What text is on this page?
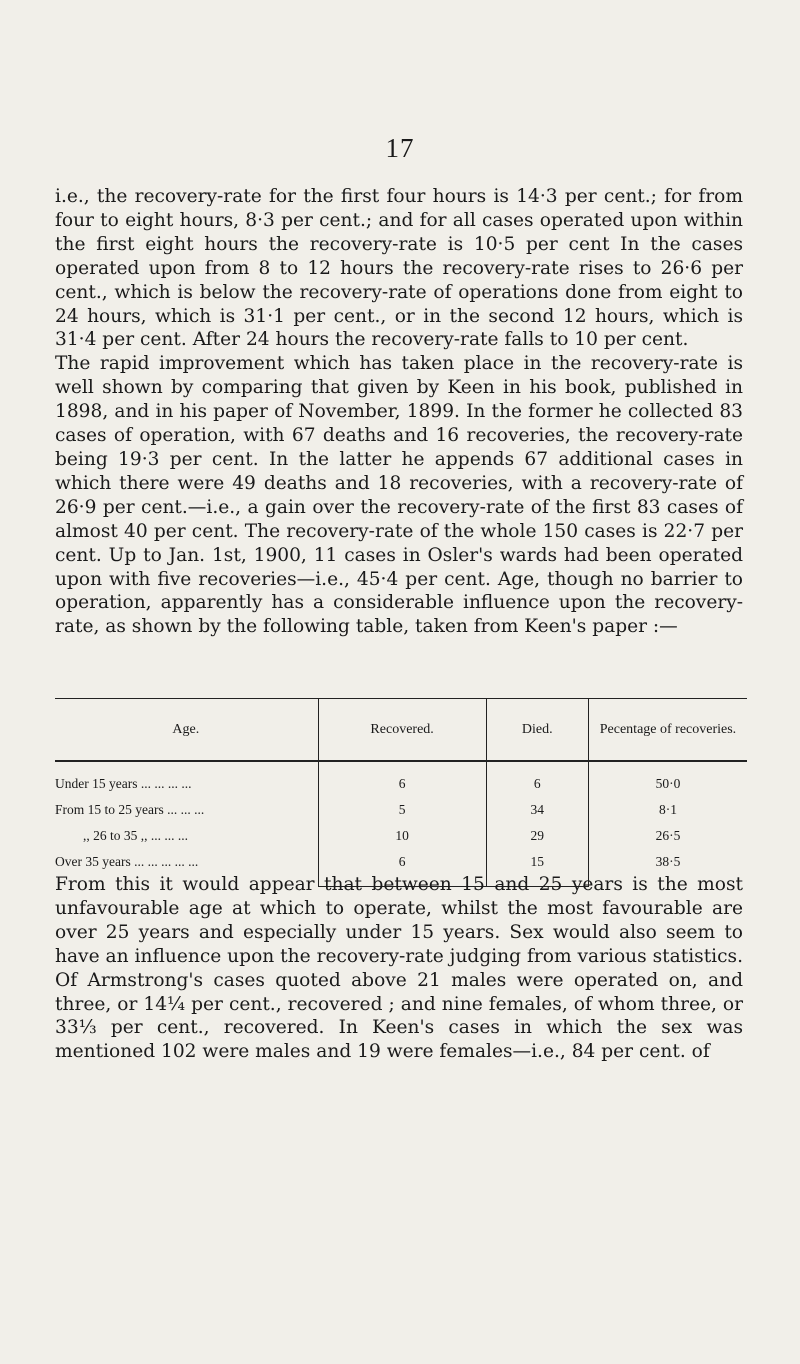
17

i.e., the recovery-rate for the first four hours is 14·3 per cent.; for from four to eight hours, 8·3 per cent.; and for all cases operated upon within the first eight hours the recovery-rate is 10·5 per cent In the cases operated upon from 8 to 12 hours the recovery-rate rises to 26·6 per cent., which is below the recovery-rate of operations done from eight to 24 hours, which is 31·1 per cent., or in the second 12 hours, which is 31·4 per cent. After 24 hours the recovery-rate falls to 10 per cent.

The rapid improvement which has taken place in the recovery-rate is well shown by comparing that given by Keen in his book, published in 1898, and in his paper of November, 1899. In the former he collected 83 cases of operation, with 67 deaths and 16 recoveries, the recovery-rate being 19·3 per cent. In the latter he appends 67 additional cases in which there were 49 deaths and 18 recoveries, with a recovery-rate of 26·9 per cent.—i.e., a gain over the recovery-rate of the first 83 cases of almost 40 per cent. The recovery-rate of the whole 150 cases is 22·7 per cent. Up to Jan. 1st, 1900, 11 cases in Osler's wards had been operated upon with five recoveries—i.e., 45·4 per cent. Age, though no barrier to operation, apparently has a considerable influence upon the recovery-rate, as shown by the following table, taken from Keen's paper :—

Age.	Recovered.	Died.	Pecentage of recoveries.
Under 15 years ... ... ... ...	6	6	50·0
From 15 to 25 years ... ... ...	5	34	8·1
,, 26 to 35 ,, ... ... ...	10	29	26·5
Over 35 years ... ... ... ... ...	6	15	38·5

From this it would appear that between 15 and 25 years is the most unfavourable age at which to operate, whilst the most favourable are over 25 years and especially under 15 years. Sex would also seem to have an influence upon the recovery-rate judging from various statistics. Of Armstrong's cases quoted above 21 males were operated on, and three, or 14¼ per cent., recovered ; and nine females, of whom three, or 33⅓ per cent., recovered. In Keen's cases in which the sex was mentioned 102 were males and 19 were females—i.e., 84 per cent. of
